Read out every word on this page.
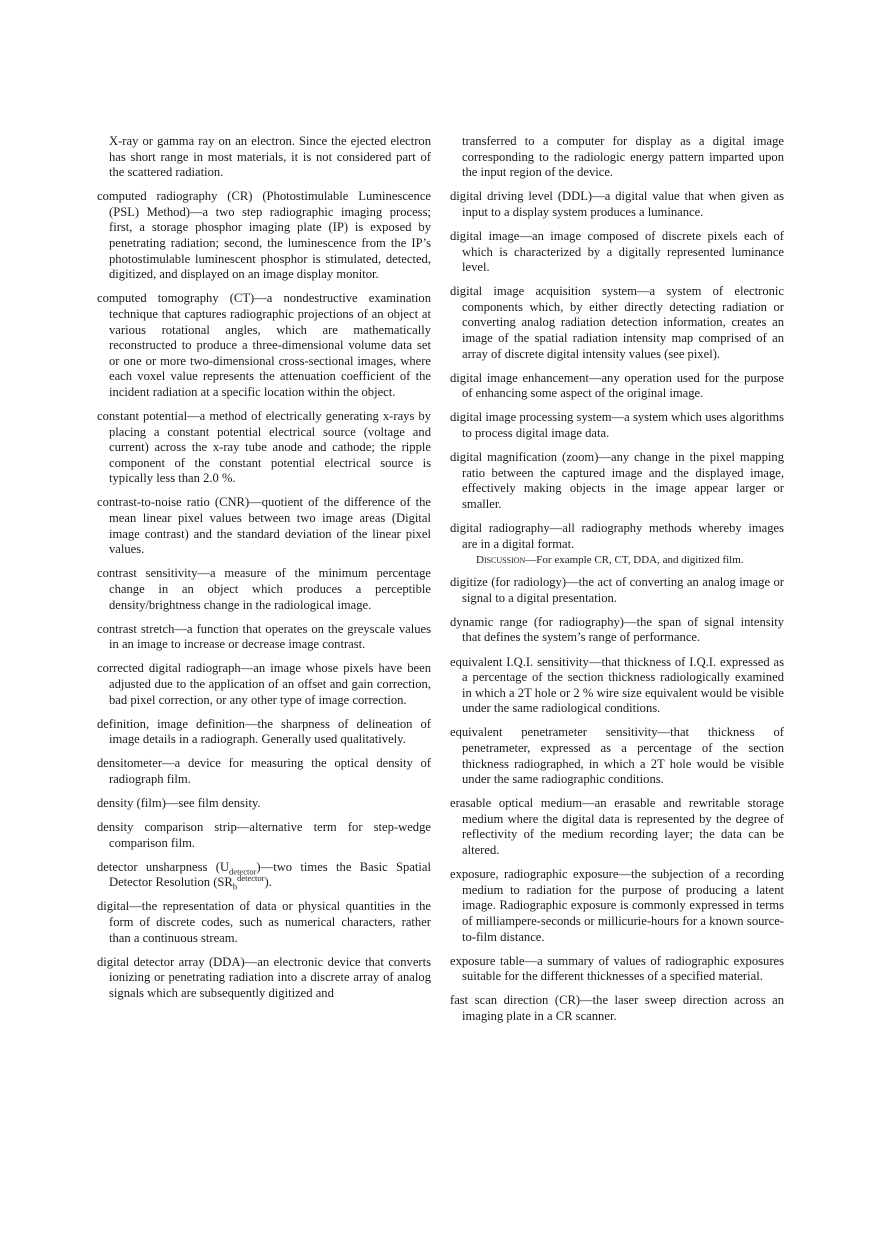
X-ray or gamma ray on an electron. Since the ejected electron has short range in most materials, it is not considered part of the scattered radiation.

computed radiography (CR) (Photostimulable Luminescence (PSL) Method)—a two step radiographic imaging process; first, a storage phosphor imaging plate (IP) is exposed by penetrating radiation; second, the luminescence from the IP’s photostimulable luminescent phosphor is stimulated, detected, digitized, and displayed on an image display monitor.

computed tomography (CT)—a nondestructive examination technique that captures radiographic projections of an object at various rotational angles, which are mathematically reconstructed to produce a three-dimensional volume data set or one or more two-dimensional cross-sectional images, where each voxel value represents the attenuation coefficient of the incident radiation at a specific location within the object.

constant potential—a method of electrically generating x-rays by placing a constant potential electrical source (voltage and current) across the x-ray tube anode and cathode; the ripple component of the constant potential electrical source is typically less than 2.0 %.

contrast-to-noise ratio (CNR)—quotient of the difference of the mean linear pixel values between two image areas (Digital image contrast) and the standard deviation of the linear pixel values.

contrast sensitivity—a measure of the minimum percentage change in an object which produces a perceptible density/brightness change in the radiological image.

contrast stretch—a function that operates on the greyscale values in an image to increase or decrease image contrast.

corrected digital radiograph—an image whose pixels have been adjusted due to the application of an offset and gain correction, bad pixel correction, or any other type of image correction.

definition, image definition—the sharpness of delineation of image details in a radiograph. Generally used qualitatively.

densitometer—a device for measuring the optical density of radiograph film.

density (film)—see film density.

density comparison strip—alternative term for step-wedge comparison film.

detector unsharpness $(U_{detector})—two$ times the Basic Spatial Detector Resolution $(SR_b^{detector})$.

digital—the representation of data or physical quantities in the form of discrete codes, such as numerical characters, rather than a continuous stream.

digital detector array (DDA)—an electronic device that converts ionizing or penetrating radiation into a discrete array of analog signals which are subsequently digitized and

transferred to a computer for display as a digital image corresponding to the radiologic energy pattern imparted upon the input region of the device.

digital driving level (DDL)—a digital value that when given as input to a display system produces a luminance.

digital image—an image composed of discrete pixels each of which is characterized by a digitally represented luminance level.

digital image acquisition system—a system of electronic components which, by either directly detecting radiation or converting analog radiation detection information, creates an image of the spatial radiation intensity map comprised of an array of discrete digital intensity values (see pixel).

digital image enhancement—any operation used for the purpose of enhancing some aspect of the original image.

digital image processing system—a system which uses algorithms to process digital image data.

digital magnification (zoom)—any change in the pixel mapping ratio between the captured image and the displayed image, effectively making objects in the image appear larger or smaller.

digital radiography—all radiography methods whereby images are in a digital format.

Discussion—For example CR, CT, DDA, and digitized film.

digitize (for radiology)—the act of converting an analog image or signal to a digital presentation.

dynamic range (for radiography)—the span of signal intensity that defines the system’s range of performance.

equivalent I.Q.I. sensitivity—that thickness of I.Q.I. expressed as a percentage of the section thickness radiologically examined in which a 2T hole or 2 % wire size equivalent would be visible under the same radiological conditions.

equivalent penetrameter sensitivity—that thickness of penetrameter, expressed as a percentage of the section thickness radiographed, in which a 2T hole would be visible under the same radiographic conditions.

erasable optical medium—an erasable and rewritable storage medium where the digital data is represented by the degree of reflectivity of the medium recording layer; the data can be altered.

exposure, radiographic exposure—the subjection of a recording medium to radiation for the purpose of producing a latent image. Radiographic exposure is commonly expressed in terms of milliampere-seconds or millicurie-hours for a known source-to-film distance.

exposure table—a summary of values of radiographic exposures suitable for the different thicknesses of a specified material.

fast scan direction (CR)—the laser sweep direction across an imaging plate in a CR scanner.
